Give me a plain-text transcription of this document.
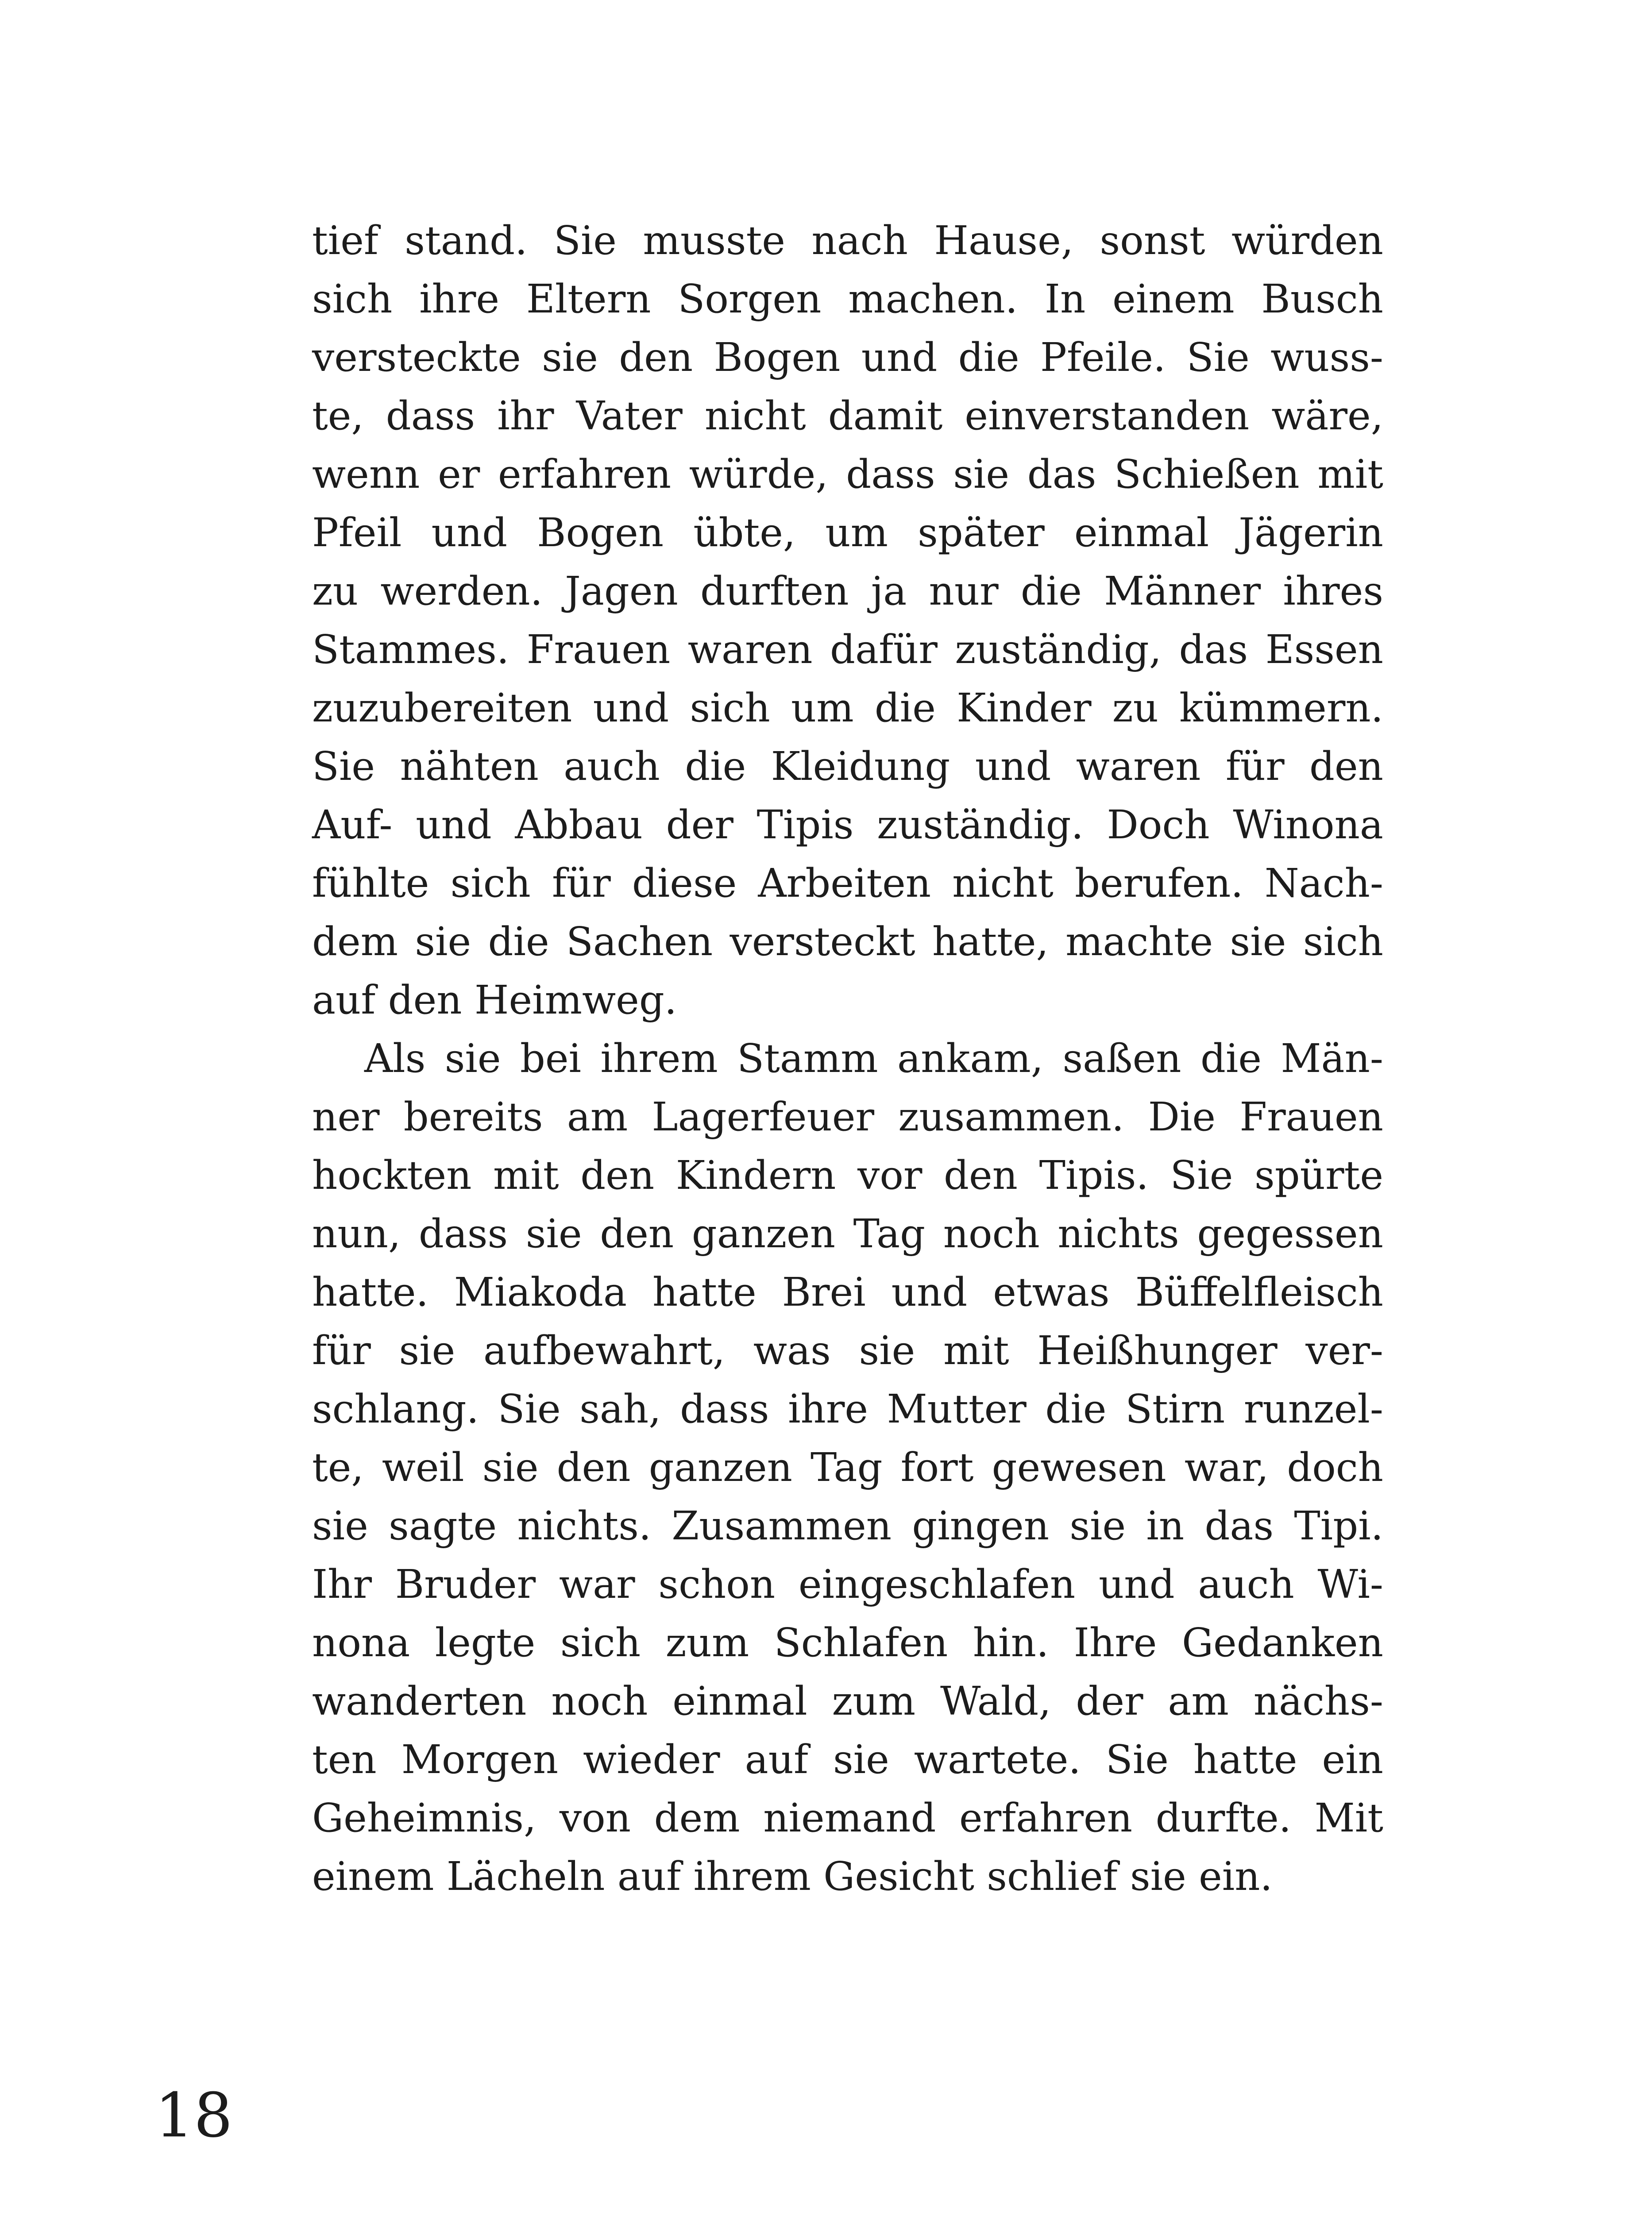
tief stand. Sie musste nach Hause, sonst würden
sich ihre Eltern Sorgen machen. In einem Busch
versteckte sie den Bogen und die Pfeile. Sie wuss-
te, dass ihr Vater nicht damit einverstanden wäre,
wenn er erfahren würde, dass sie das Schießen mit
Pfeil und Bogen übte, um später einmal Jägerin
zu werden. Jagen durften ja nur die Männer ihres
Stammes. Frauen waren dafür zuständig, das Essen
zuzubereiten und sich um die Kinder zu kümmern.
Sie nähten auch die Kleidung und waren für den
Auf- und Abbau der Tipis zuständig. Doch Winona
fühlte sich für diese Arbeiten nicht berufen. Nach-
dem sie die Sachen versteckt hatte, machte sie sich
auf den Heimweg.
Als sie bei ihrem Stamm ankam, saßen die Män-
ner bereits am Lagerfeuer zusammen. Die Frauen
hockten mit den Kindern vor den Tipis. Sie spürte
nun, dass sie den ganzen Tag noch nichts gegessen
hatte. Miakoda hatte Brei und etwas Büffelfleisch
für sie aufbewahrt, was sie mit Heißhunger ver-
schlang. Sie sah, dass ihre Mutter die Stirn runzel-
te, weil sie den ganzen Tag fort gewesen war, doch
sie sagte nichts. Zusammen gingen sie in das Tipi.
Ihr Bruder war schon eingeschlafen und auch Wi-
nona legte sich zum Schlafen hin. Ihre Gedanken
wanderten noch einmal zum Wald, der am nächs-
ten Morgen wieder auf sie wartete. Sie hatte ein
Geheimnis, von dem niemand erfahren durfte. Mit
einem Lächeln auf ihrem Gesicht schlief sie ein.
18
